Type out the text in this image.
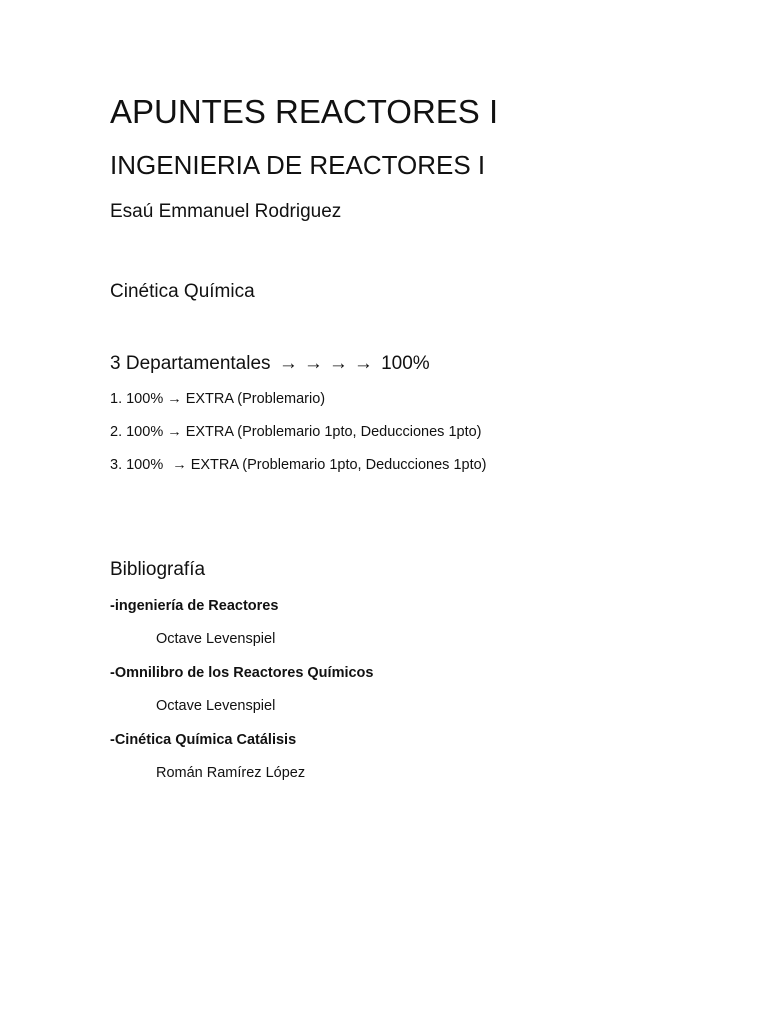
APUNTES REACTORES I
INGENIERIA DE REACTORES I
Esaú Emmanuel Rodriguez
Cinética Química
3 Departamentales → → → → 100%
1. 100% → EXTRA (Problemario)
2. 100% → EXTRA (Problemario 1pto, Deducciones 1pto)
3. 100% → EXTRA (Problemario 1pto, Deducciones 1pto)
Bibliografía
-ingeniería de Reactores
Octave Levenspiel
-Omnilibro de los Reactores Químicos
Octave Levenspiel
-Cinética Química Catálisis
Román Ramírez López
